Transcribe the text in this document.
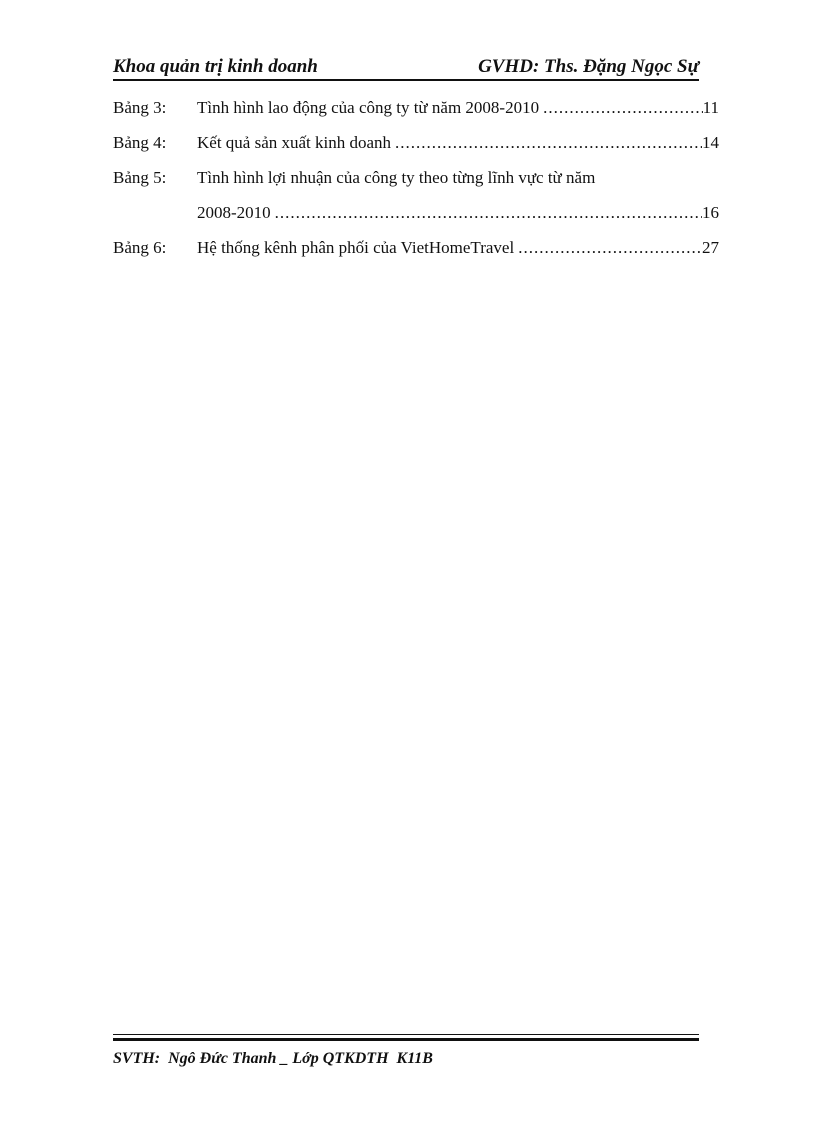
Khoa quản trị kinh doanh	GVHD: Ths. Đặng Ngọc Sự
Bảng 3: Tình hình lao động của công ty từ năm 2008-2010 .....	11
Bảng 4: Kết quả sản xuất kinh doanh .....	14
Bảng 5: Tình hình lợi nhuận của công ty theo từng lĩnh vực từ năm
2008-2010 .....	16
Bảng 6: Hệ thống kênh phân phối của VietHomeTravel .....	27
SVTH:  Ngô Đức Thanh _ Lớp QTKDTH  K11B
